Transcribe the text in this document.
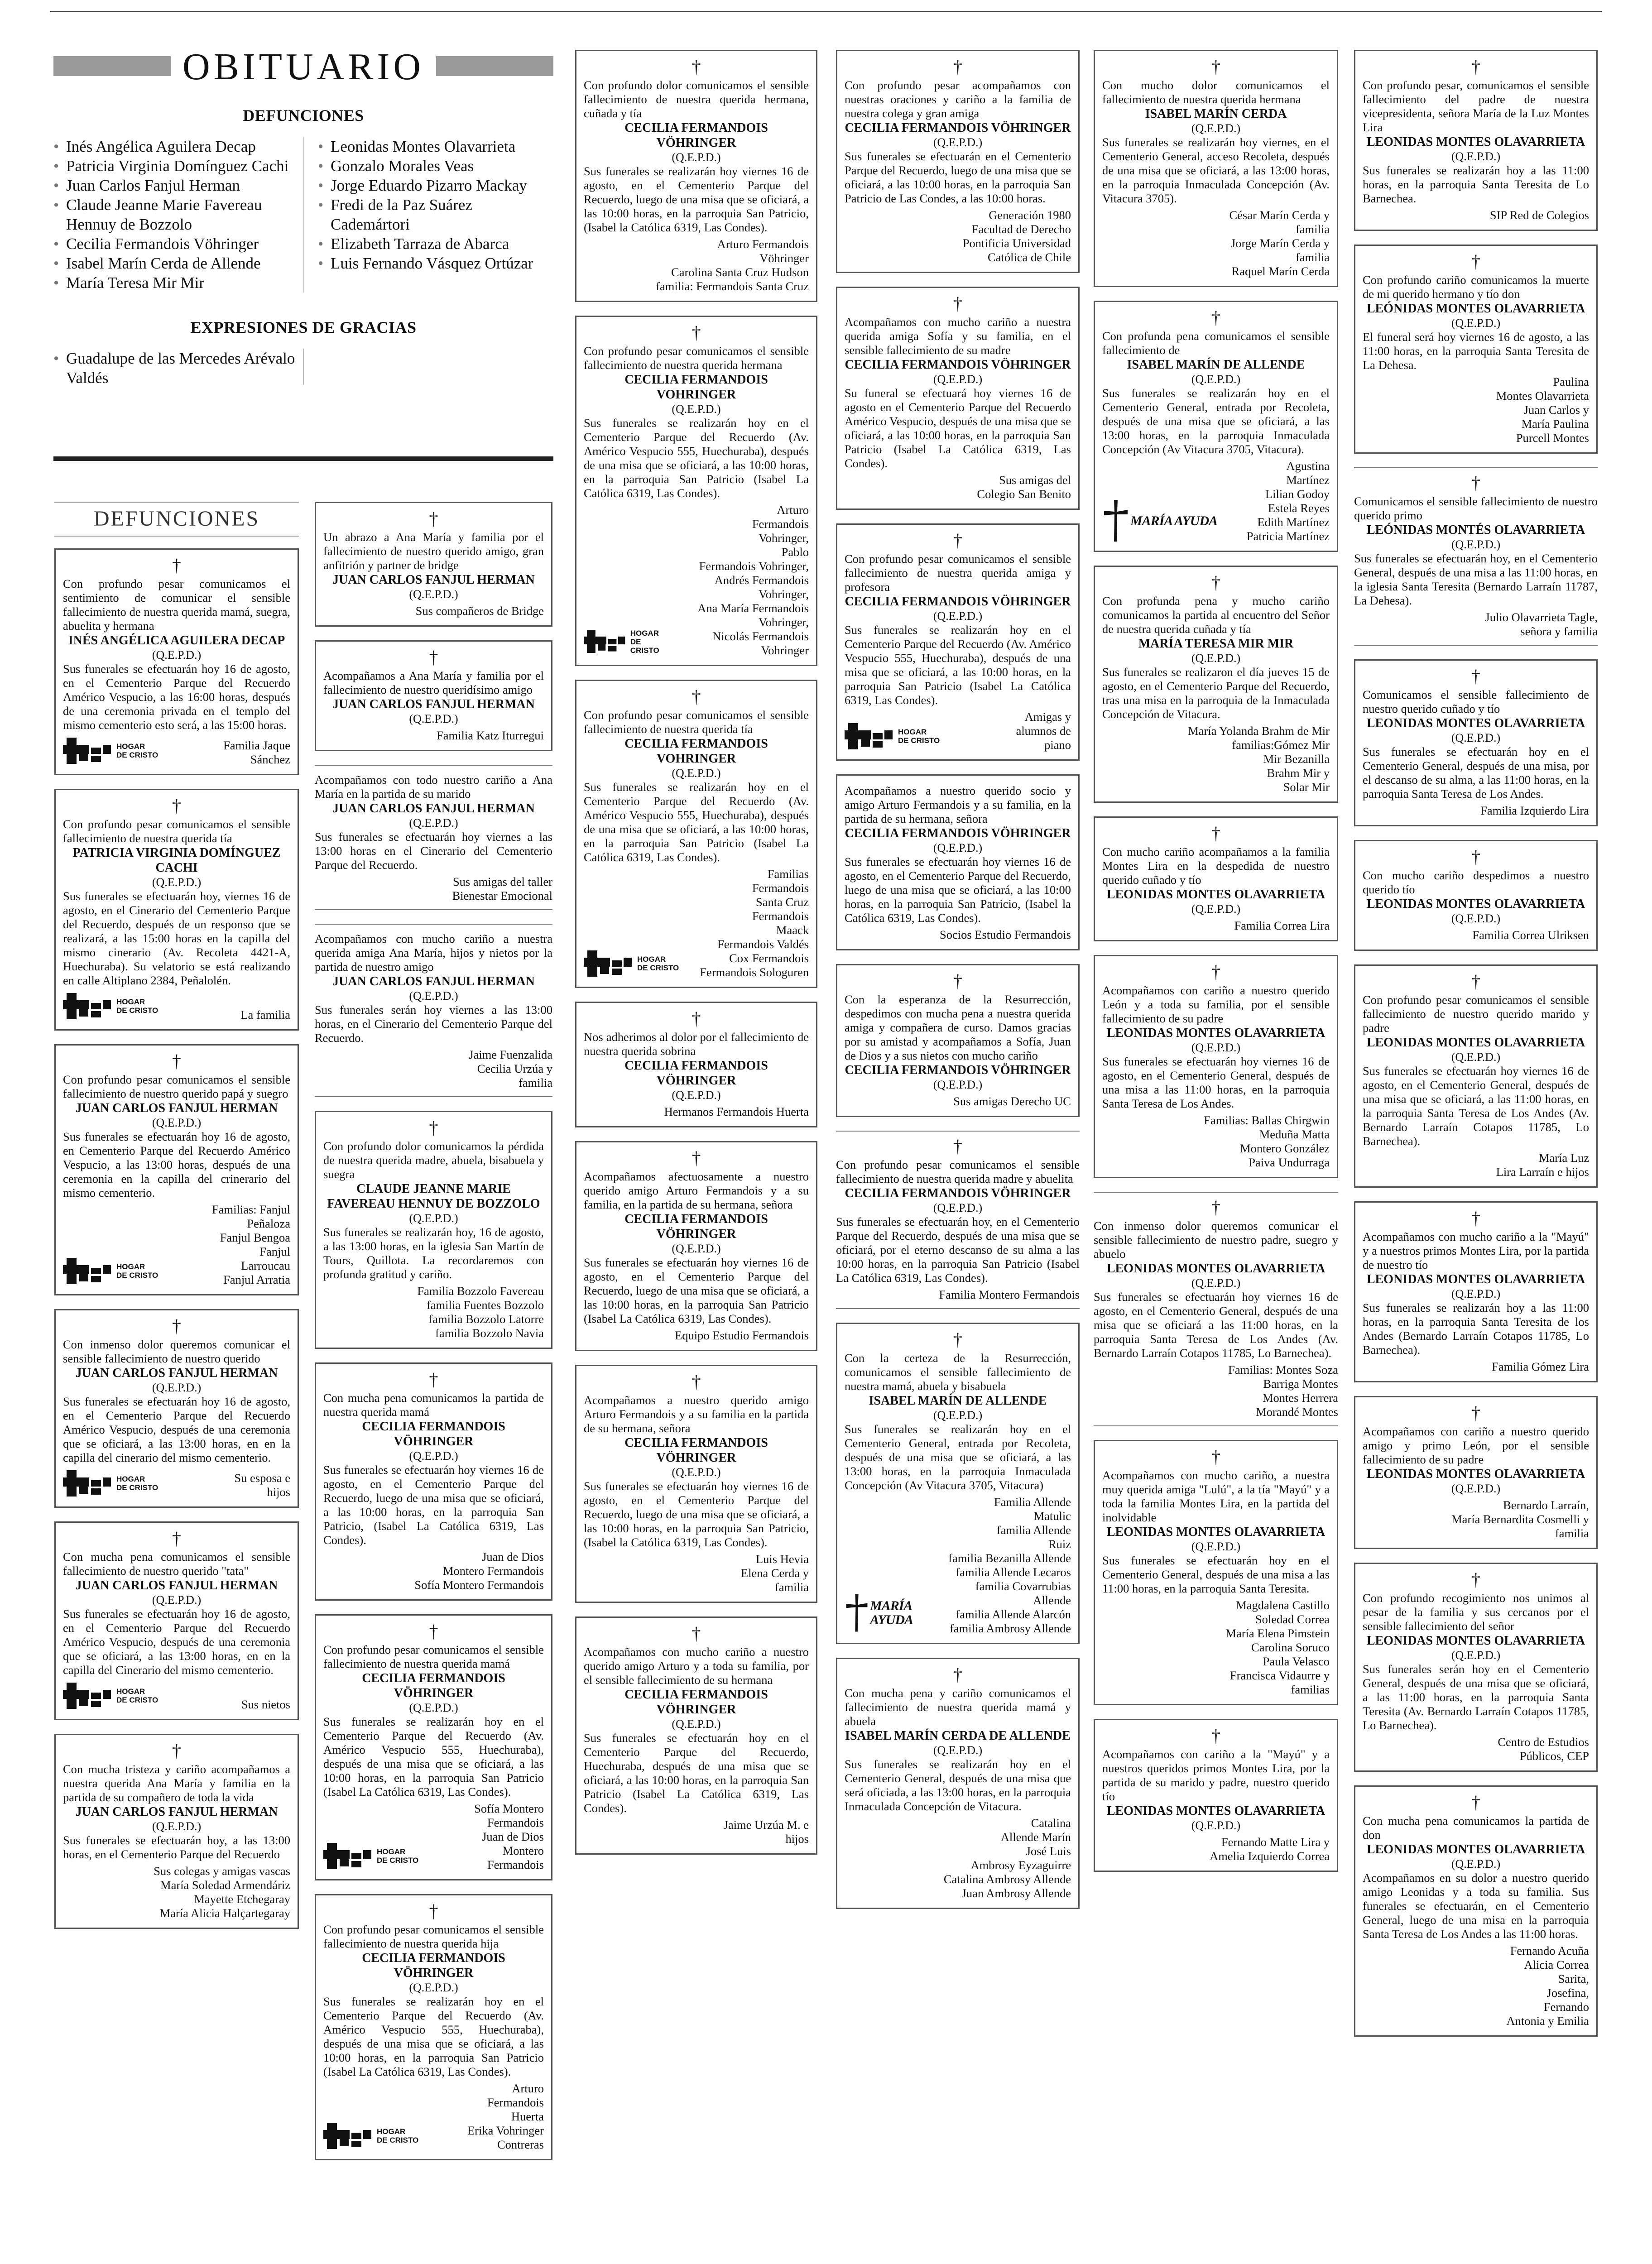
OBITUARIO
DEFUNCIONES
• Inés Angélica Aguilera Decap
• Patricia Virginia Domínguez Cachi
• Juan Carlos Fanjul Herman
• Claude Jeanne Marie Favereau Hennuy de Bozzolo
• Cecilia Fermandois Vöhringer
• Isabel Marín Cerda de Allende
• María Teresa Mir Mir
• Leonidas Montes Olavarrieta
• Gonzalo Morales Veas
• Jorge Eduardo Pizarro Mackay
• Fredi de la Paz Suárez Cademártori
• Elizabeth Tarraza de Abarca
• Luis Fernando Vásquez Ortúzar
EXPRESIONES DE GRACIAS
• Guadalupe de las Mercedes Arévalo Valdés
DEFUNCIONES
†
Con profundo pesar comunicamos el sentimiento de comunicar el sensible fallecimiento de nuestra querida mamá, suegra, abuelita y hermana
INÉS ANGÉLICA AGUILERA DECAP
(Q.E.P.D.)
Sus funerales se efectuarán hoy 16 de agosto, en el Cementerio Parque del Recuerdo Américo Vespucio, a las 16:00 horas, después de una ceremonia privada en el templo del mismo cementerio esto será, a las 15:00 horas.
HOGAR
DE CRISTO
Familia Jaque
Sánchez
†
Con profundo pesar comunicamos el sensible fallecimiento de nuestra querida tía
PATRICIA VIRGINIA DOMÍNGUEZ CACHI
(Q.E.P.D.)
Sus funerales se efectuarán hoy, viernes 16 de agosto, en el Cinerario del Cementerio Parque del Recuerdo, después de un responso que se realizará, a las 15:00 horas en la capilla del mismo cinerario (Av. Recoleta 4421-A, Huechuraba). Su velatorio se está realizando en calle Altiplano 2384, Peñalolén.
HOGAR
DE CRISTO	La familia
†
Con profundo pesar comunicamos el sensible fallecimiento de nuestro querido papá y suegro
JUAN CARLOS FANJUL HERMAN
(Q.E.P.D.)
Sus funerales se efectuarán hoy 16 de agosto, en Cementerio Parque del Recuerdo Américo Vespucio, a las 13:00 horas, después de una ceremonia en la capilla del crinerario del mismo cementerio.
HOGAR
DE CRISTO
Familias: Fanjul
Peñaloza
Fanjul Bengoa
Fanjul
Larroucau
Fanjul Arratia
†
Con inmenso dolor queremos comunicar el sensible fallecimiento de nuestro querido
JUAN CARLOS FANJUL HERMAN
(Q.E.P.D.)
Sus funerales se efectuarán hoy 16 de agosto, en el Cementerio Parque del Recuerdo Américo Vespucio, después de una ceremonia que se oficiará, a las 13:00 horas, en en la capilla del cinerario del mismo cementerio.
HOGAR
DE CRISTO
Su esposa e
hijos
†
Con mucha pena comunicamos el sensible fallecimiento de nuestro querido "tata"
JUAN CARLOS FANJUL HERMAN
(Q.E.P.D.)
Sus funerales se efectuarán hoy 16 de agosto, en el Cementerio Parque del Recuerdo Américo Vespucio, después de una ceremonia que se oficiará, a las 13:00 horas, en en la capilla del Cinerario del mismo cementerio.
HOGAR
DE CRISTO	Sus nietos
†
Con mucha tristeza y cariño acompañamos a nuestra querida Ana María y familia en la partida de su compañero de toda la vida
JUAN CARLOS FANJUL HERMAN
(Q.E.P.D.)
Sus funerales se efectuarán hoy, a las 13:00 horas, en el Cementerio Parque del Recuerdo
Sus colegas y amigas vascas
María Soledad Armendáriz
Mayette Etchegaray
María Alicia Halçartegaray
†
Un abrazo a Ana María y familia por el fallecimiento de nuestro querido amigo, gran anfitrión y partner de bridge
JUAN CARLOS FANJUL HERMAN
(Q.E.P.D.)
Sus compañeros de Bridge
†
Acompañamos a Ana María y familia por el fallecimiento de nuestro queridísimo amigo
JUAN CARLOS FANJUL HERMAN
(Q.E.P.D.)
Familia Katz Iturregui
Acompañamos con todo nuestro cariño a Ana María en la partida de su marido
JUAN CARLOS FANJUL HERMAN
(Q.E.P.D.)
Sus funerales se efectuarán hoy viernes a las 13:00 horas en el Cinerario del Cementerio Parque del Recuerdo.
Sus amigas del taller
Bienestar Emocional
Acompañamos con mucho cariño a nuestra querida amiga Ana María, hijos y nietos por la partida de nuestro amigo
JUAN CARLOS FANJUL HERMAN
(Q.E.P.D.)
Sus funerales serán hoy viernes a las 13:00 horas, en el Cinerario del Cementerio Parque del Recuerdo.
Jaime Fuenzalida
Cecilia Urzúa y
familia
†
Con profundo dolor comunicamos la pérdida de nuestra querida madre, abuela, bisabuela y suegra
CLAUDE JEANNE MARIE FAVEREAU HENNUY DE BOZZOLO
(Q.E.P.D.)
Sus funerales se realizarán hoy, 16 de agosto, a las 13:00 horas, en la iglesia San Martín de Tours, Quillota. La recordaremos con profunda gratitud y cariño.
Familia Bozzolo Favereau
familia Fuentes Bozzolo
familia Bozzolo Latorre
familia Bozzolo Navia
†
Con mucha pena comunicamos la partida de nuestra querida mamá
CECILIA FERMANDOIS VÖHRINGER
(Q.E.P.D.)
Sus funerales se efectuarán hoy viernes 16 de agosto, en el Cementerio Parque del Recuerdo, luego de una misa que se oficiará, a las 10:00 horas, en la parroquia San Patricio, (Isabel La Católica 6319, Las Condes).
Juan de Dios
Montero Fermandois
Sofía Montero Fermandois
†
Con profundo pesar comunicamos el sensible fallecimiento de nuestra querida mamá
CECILIA FERMANDOIS VÖHRINGER
(Q.E.P.D.)
Sus funerales se realizarán hoy en el Cementerio Parque del Recuerdo (Av. Américo Vespucio 555, Huechuraba), después de una misa que se oficiará, a las 10:00 horas, en la parroquia San Patricio (Isabel La Católica 6319, Las Condes).
HOGAR
DE CRISTO
Sofía Montero
Fermandois
Juan de Dios
Montero
Fermandois
†
Con profundo pesar comunicamos el sensible fallecimiento de nuestra querida hija
CECILIA FERMANDOIS VÖHRINGER
(Q.E.P.D.)
Sus funerales se realizarán hoy en el Cementerio Parque del Recuerdo (Av. Américo Vespucio 555, Huechuraba), después de una misa que se oficiará, a las 10:00 horas, en la parroquia San Patricio (Isabel La Católica 6319, Las Condes).
HOGAR
DE CRISTO
Arturo
Fermandois
Huerta
Erika Vohringer
Contreras
†
Con profundo dolor comunicamos el sensible fallecimiento de nuestra querida hermana, cuñada y tía
CECILIA FERMANDOIS VÖHRINGER
(Q.E.P.D.)
Sus funerales se realizarán hoy viernes 16 de agosto, en el Cementerio Parque del Recuerdo, luego de una misa que se oficiará, a las 10:00 horas, en la parroquia San Patricio, (Isabel la Católica 6319, Las Condes).
Arturo Fermandois
Vöhringer
Carolina Santa Cruz Hudson
familia: Fermandois Santa Cruz
†
Con profundo pesar comunicamos el sensible fallecimiento de nuestra querida hermana
CECILIA FERMANDOIS VOHRINGER
(Q.E.P.D.)
Sus funerales se realizarán hoy en el Cementerio Parque del Recuerdo (Av. Américo Vespucio 555, Huechuraba), después de una misa que se oficiará, a las 10:00 horas, en la parroquia San Patricio (Isabel La Católica 6319, Las Condes).
HOGAR
DE CRISTO
Arturo
Fermandois
Vohringer,
Pablo
Fermandois Vohringer,
Andrés Fermandois Vohringer,
Ana María Fermandois Vohringer,
Nicolás Fermandois Vohringer
†
Con profundo pesar comunicamos el sensible fallecimiento de nuestra querida tía
CECILIA FERMANDOIS VOHRINGER
(Q.E.P.D.)
Sus funerales se realizarán hoy en el Cementerio Parque del Recuerdo (Av. Américo Vespucio 555, Huechuraba), después de una misa que se oficiará, a las 10:00 horas, en la parroquia San Patricio (Isabel La Católica 6319, Las Condes).
HOGAR
DE CRISTO
Familias
Fermandois
Santa Cruz
Fermandois
Maack
Fermandois Valdés
Cox Fermandois
Fermandois Sologuren
†
Nos adherimos al dolor por el fallecimiento de nuestra querida sobrina
CECILIA FERMANDOIS VÖHRINGER
(Q.E.P.D.)
Hermanos Fermandois Huerta
†
Acompañamos afectuosamente a nuestro querido amigo Arturo Fermandois y a su familia, en la partida de su hermana, señora
CECILIA FERMANDOIS VÖHRINGER
(Q.E.P.D.)
Sus funerales se efectuarán hoy viernes 16 de agosto, en el Cementerio Parque del Recuerdo, luego de una misa que se oficiará, a las 10:00 horas, en la parroquia San Patricio (Isabel La Católica 6319, Las Condes).
Equipo Estudio Fermandois
†
Acompañamos a nuestro querido amigo Arturo Fermandois y a su familia en la partida de su hermana, señora
CECILIA FERMANDOIS VÖHRINGER
(Q.E.P.D.)
Sus funerales se efectuarán hoy viernes 16 de agosto, en el Cementerio Parque del Recuerdo, luego de una misa que se oficiará, a las 10:00 horas, en la parroquia San Patricio, (Isabel la Católica 6319, Las Condes).
Luis Hevia
Elena Cerda y
familia
†
Acompañamos con mucho cariño a nuestro querido amigo Arturo y a toda su familia, por el sensible fallecimiento de su hermana
CECILIA FERMANDOIS VÖHRINGER
(Q.E.P.D.)
Sus funerales se efectuarán hoy en el Cementerio Parque del Recuerdo, Huechuraba, después de una misa que se oficiará, a las 10:00 horas, en la parroquia San Patricio (Isabel La Católica 6319, Las Condes).
Jaime Urzúa M. e
hijos
†
Con profundo pesar acompañamos con nuestras oraciones y cariño a la familia de nuestra colega y gran amiga
CECILIA FERMANDOIS VÖHRINGER
(Q.E.P.D.)
Sus funerales se efectuarán en el Cementerio Parque del Recuerdo, luego de una misa que se oficiará, a las 10:00 horas, en la parroquia San Patricio de Las Condes, a las 10:00 horas.
Generación 1980
Facultad de Derecho
Pontificia Universidad
Católica de Chile
†
Acompañamos con mucho cariño a nuestra querida amiga Sofía y su familia, en el sensible fallecimiento de su madre
CECILIA FERMANDOIS VÖHRINGER
(Q.E.P.D.)
Su funeral se efectuará hoy viernes 16 de agosto en el Cementerio Parque del Recuerdo Américo Vespucio, después de una misa que se oficiará, a las 10:00 horas, en la parroquia San Patricio (Isabel La Católica 6319, Las Condes).
Sus amigas del
Colegio San Benito
†
Con profundo pesar comunicamos el sensible fallecimiento de nuestra querida amiga y profesora
CECILIA FERMANDOIS VÖHRINGER
(Q.E.P.D.)
Sus funerales se realizarán hoy en el Cementerio Parque del Recuerdo (Av. Américo Vespucio 555, Huechuraba), después de una misa que se oficiará, a las 10:00 horas, en la parroquia San Patricio (Isabel La Católica 6319, Las Condes).
HOGAR
DE CRISTO
Amigas y
alumnos de
piano
Acompañamos a nuestro querido socio y amigo Arturo Fermandois y a su familia, en la partida de su hermana, señora
CECILIA FERMANDOIS VÖHRINGER
(Q.E.P.D.)
Sus funerales se efectuarán hoy viernes 16 de agosto, en el Cementerio Parque del Recuerdo, luego de una misa que se oficiará, a las 10:00 horas, en la parroquia San Patricio, (Isabel la Católica 6319, Las Condes).
Socios Estudio Fermandois
†
Con la esperanza de la Resurrección, despedimos con mucha pena a nuestra querida amiga y compañera de curso. Damos gracias por su amistad y acompañamos a Sofía, Juan de Dios y a sus nietos con mucho cariño
CECILIA FERMANDOIS VÖHRINGER
(Q.E.P.D.)
Sus amigas Derecho UC
†
Con profundo pesar comunicamos el sensible fallecimiento de nuestra querida madre y abuelita
CECILIA FERMANDOIS VÖHRINGER
(Q.E.P.D.)
Sus funerales se efectuarán hoy, en el Cementerio Parque del Recuerdo, después de una misa que se oficiará, por el eterno descanso de su alma a las 10:00 horas, en la parroquia San Patricio (Isabel La Católica 6319, Las Condes).
Familia Montero Fermandois
†
Con la certeza de la Resurrección, comunicamos el sensible fallecimiento de nuestra mamá, abuela y bisabuela
ISABEL MARÍN DE ALLENDE
(Q.E.P.D.)
Sus funerales se realizarán hoy en el Cementerio General, entrada por Recoleta, después de una misa que se oficiará, a las 13:00 horas, en la parroquia Inmaculada Concepción (Av Vitacura 3705, Vitacura)
MARÍA AYUDA
Familia Allende
Matulic
familia Allende
Ruiz
familia Bezanilla Allende
familia Allende Lecaros
familia Covarrubias Allende
familia Allende Alarcón
familia Ambrosy Allende
†
Con mucha pena y cariño comunicamos el fallecimiento de nuestra querida mamá y abuela
ISABEL MARÍN CERDA DE ALLENDE
(Q.E.P.D.)
Sus funerales se realizarán hoy en el Cementerio General, después de una misa que será oficiada, a las 13:00 horas, en la parroquia Inmaculada Concepción de Vitacura.
Catalina
Allende Marín
José Luis
Ambrosy Eyzaguirre
Catalina Ambrosy Allende
Juan Ambrosy Allende
†
Con mucho dolor comunicamos el fallecimiento de nuestra querida hermana
ISABEL MARÍN CERDA
(Q.E.P.D.)
Sus funerales se realizarán hoy viernes, en el Cementerio General, acceso Recoleta, después de una misa que se oficiará, a las 13:00 horas, en la parroquia Inmaculada Concepción (Av. Vitacura 3705).
César Marín Cerda y
familia
Jorge Marín Cerda y
familia
Raquel Marín Cerda
†
Con profunda pena comunicamos el sensible fallecimiento de
ISABEL MARÍN DE ALLENDE
(Q.E.P.D.)
Sus funerales se realizarán hoy en el Cementerio General, entrada por Recoleta, después de una misa que se oficiará, a las 13:00 horas, en la parroquia Inmaculada Concepción (Av Vitacura 3705, Vitacura).
MARÍA AYUDA
Agustina
Martínez
Lilian Godoy
Estela Reyes
Edith Martínez
Patricia Martínez
†
Con profunda pena y mucho cariño comunicamos la partida al encuentro del Señor de nuestra querida cuñada y tía
MARÍA TERESA MIR MIR
(Q.E.P.D.)
Sus funerales se realizaron el día jueves 15 de agosto, en el Cementerio Parque del Recuerdo, tras una misa en la parroquia de la Inmaculada Concepción de Vitacura.
María Yolanda Brahm de Mir
familias:Gómez Mir
Mir Bezanilla
Brahm Mir y
Solar Mir
†
Con mucho cariño acompañamos a la familia Montes Lira en la despedida de nuestro querido cuñado y tío
LEONIDAS MONTES OLAVARRIETA
(Q.E.P.D.)
Familia Correa Lira
†
Acompañamos con cariño a nuestro querido León y a toda su familia, por el sensible fallecimiento de su padre
LEONIDAS MONTES OLAVARRIETA
(Q.E.P.D.)
Sus funerales se efectuarán hoy viernes 16 de agosto, en el Cementerio General, después de una misa a las 11:00 horas, en la parroquia Santa Teresa de Los Andes.
Familias: Ballas Chirgwin
Meduña Matta
Montero González
Paiva Undurraga
†
Con inmenso dolor queremos comunicar el sensible fallecimiento de nuestro padre, suegro y abuelo
LEONIDAS MONTES OLAVARRIETA
(Q.E.P.D.)
Sus funerales se efectuarán hoy viernes 16 de agosto, en el Cementerio General, después de una misa que se oficiará a las 11:00 horas, en la parroquia Santa Teresa de Los Andes (Av. Bernardo Larraín Cotapos 11785, Lo Barnechea).
Familias: Montes Soza
Barriga Montes
Montes Herrera
Morandé Montes
†
Acompañamos con mucho cariño, a nuestra muy querida amiga "Lulú", a la tía "Mayú" y a toda la familia Montes Lira, en la partida del inolvidable
LEONIDAS MONTES OLAVARRIETA
(Q.E.P.D.)
Sus funerales se efectuarán hoy en el Cementerio General, después de una misa a las 11:00 horas, en la parroquia Santa Teresita.
Magdalena Castillo
Soledad Correa
María Elena Pimstein
Carolina Soruco
Paula Velasco
Francisca Vidaurre y
familias
†
Acompañamos con cariño a la "Mayú" y a nuestros queridos primos Montes Lira, por la partida de su marido y padre, nuestro querido tío
LEONIDAS MONTES OLAVARRIETA
(Q.E.P.D.)
Fernando Matte Lira y
Amelia Izquierdo Correa
†
Con profundo pesar, comunicamos el sensible fallecimiento del padre de nuestra vicepresidenta, señora María de la Luz Montes Lira
LEONIDAS MONTES OLAVARRIETA
(Q.E.P.D.)
Sus funerales se realizarán hoy a las 11:00 horas, en la parroquia Santa Teresita de Lo Barnechea.
SIP Red de Colegios
†
Con profundo cariño comunicamos la muerte de mi querido hermano y tío don
LEÓNIDAS MONTES OLAVARRIETA
(Q.E.P.D.)
El funeral será hoy viernes 16 de agosto, a las 11:00 horas, en la parroquia Santa Teresita de La Dehesa.
Paulina
Montes Olavarrieta
Juan Carlos y
María Paulina
Purcell Montes
†
Comunicamos el sensible fallecimiento de nuestro querido primo
LEÓNIDAS MONTÉS OLAVARRIETA
(Q.E.P.D.)
Sus funerales se efectuarán hoy, en el Cementerio General, después de una misa a las 11:00 horas, en la iglesia Santa Teresita (Bernardo Larraín 11787, La Dehesa).
Julio Olavarrieta Tagle,
señora y familia
†
Comunicamos el sensible fallecimiento de nuestro querido cuñado y tío
LEONIDAS MONTES OLAVARRIETA
(Q.E.P.D.)
Sus funerales se efectuarán hoy en el Cementerio General, después de una misa, por el descanso de su alma, a las 11:00 horas, en la parroquia Santa Teresa de Los Andes.
Familia Izquierdo Lira
†
Con mucho cariño despedimos a nuestro querido tío
LEONIDAS MONTES OLAVARRIETA
(Q.E.P.D.)
Familia Correa Ulriksen
†
Con profundo pesar comunicamos el sensible fallecimiento de nuestro querido marido y padre
LEONIDAS MONTES OLAVARRIETA
(Q.E.P.D.)
Sus funerales se efectuarán hoy viernes 16 de agosto, en el Cementerio General, después de una misa que se oficiará, a las 11:00 horas, en la parroquia Santa Teresa de Los Andes (Av. Bernardo Larraín Cotapos 11785, Lo Barnechea).
María Luz
Lira Larraín e hijos
†
Acompañamos con mucho cariño a la "Mayú" y a nuestros primos Montes Lira, por la partida de nuestro tío
LEONIDAS MONTES OLAVARRIETA
(Q.E.P.D.)
Sus funerales se realizarán hoy a las 11:00 horas, en la parroquia Santa Teresita de los Andes (Bernardo Larraín Cotapos 11785, Lo Barnechea).
Familia Gómez Lira
†
Acompañamos con cariño a nuestro querido amigo y primo León, por el sensible fallecimiento de su padre
LEONIDAS MONTES OLAVARRIETA
(Q.E.P.D.)
Bernardo Larraín,
María Bernardita Cosmelli y
familia
†
Con profundo recogimiento nos unimos al pesar de la familia y sus cercanos por el sensible fallecimiento del señor
LEONIDAS MONTES OLAVARRIETA
(Q.E.P.D.)
Sus funerales serán hoy en el Cementerio General, después de una misa que se oficiará, a las 11:00 horas, en la parroquia Santa Teresita (Av. Bernardo Larraín Cotapos 11785, Lo Barnechea).
Centro de Estudios
Públicos, CEP
†
Con mucha pena comunicamos la partida de don
LEONIDAS MONTES OLAVARRIETA
(Q.E.P.D.)
Acompañamos en su dolor a nuestro querido amigo Leonidas y a toda su familia. Sus funerales se efectuarán, en el Cementerio General, luego de una misa en la parroquia Santa Teresa de Los Andes a las 11:00 horas.
Fernando Acuña
Alicia Correa
Sarita,
Josefina,
Fernando
Antonia y Emilia
